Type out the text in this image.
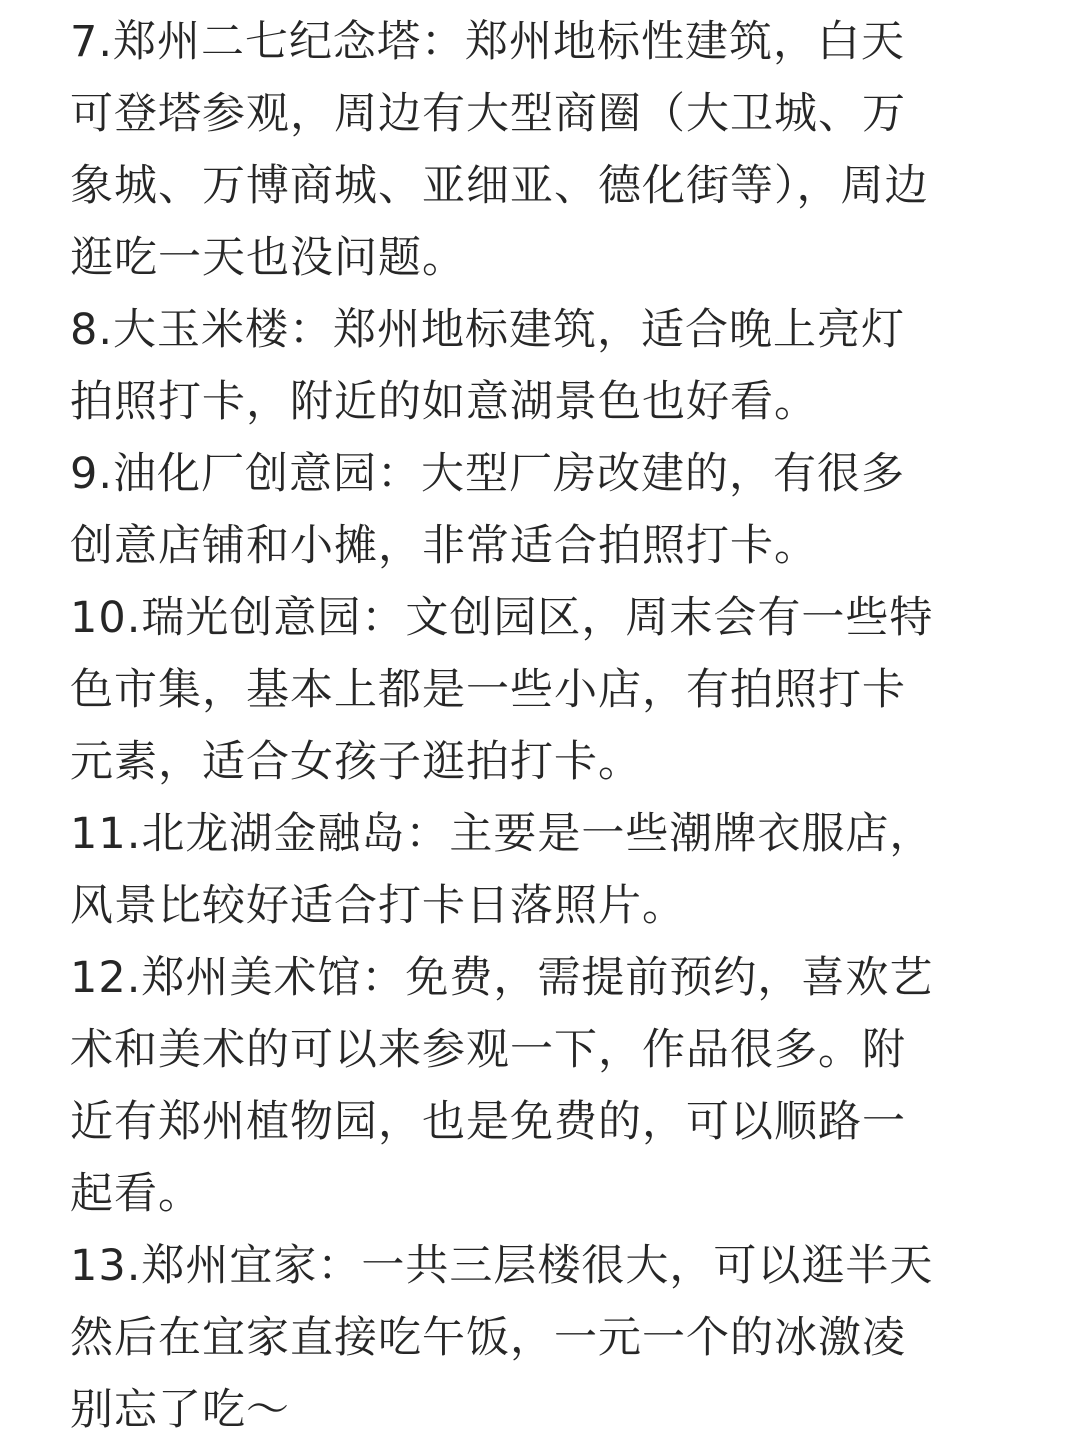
7.郑州二七纪念塔：郑州地标性建筑，白天
可登塔参观，周边有大型商圈（大卫城、万
象城、万博商城、亚细亚、德化街等），周边
逛吃一天也没问题。
8.大玉米楼：郑州地标建筑，适合晚上亮灯
拍照打卡，附近的如意湖景色也好看。
9.油化厂创意园：大型厂房改建的，有很多
创意店铺和小摊，非常适合拍照打卡。
10.瑞光创意园：文创园区，周末会有一些特
色市集，基本上都是一些小店，有拍照打卡
元素，适合女孩子逛拍打卡。
11.北龙湖金融岛：主要是一些潮牌衣服店，
风景比较好适合打卡日落照片。
12.郑州美术馆：免费，需提前预约，喜欢艺
术和美术的可以来参观一下，作品很多。附
近有郑州植物园，也是免费的，可以顺路一
起看。
13.郑州宜家：一共三层楼很大，可以逛半天
然后在宜家直接吃午饭，一元一个的冰激凌
别忘了吃～
